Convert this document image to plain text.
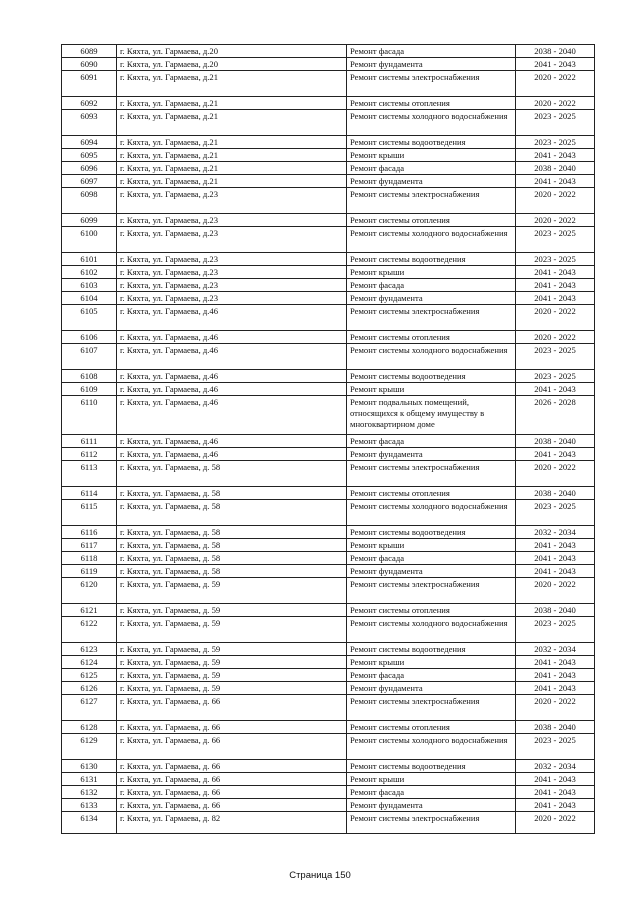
6089	г. Кяхта, ул. Гармаева, д.20	Ремонт фасада	2038 - 2040
6090	г. Кяхта, ул. Гармаева, д.20	Ремонт фундамента	2041 - 2043
6091	г. Кяхта, ул. Гармаева, д.21	Ремонт системы электроснабжения	2020 - 2022
6092	г. Кяхта, ул. Гармаева, д.21	Ремонт системы отопления	2020 - 2022
6093	г. Кяхта, ул. Гармаева, д.21	Ремонт системы холодного водоснабжения	2023 - 2025
6094	г. Кяхта, ул. Гармаева, д.21	Ремонт системы водоотведения	2023 - 2025
6095	г. Кяхта, ул. Гармаева, д.21	Ремонт крыши	2041 - 2043
6096	г. Кяхта, ул. Гармаева, д.21	Ремонт фасада	2038 - 2040
6097	г. Кяхта, ул. Гармаева, д.21	Ремонт фундамента	2041 - 2043
6098	г. Кяхта, ул. Гармаева, д.23	Ремонт системы электроснабжения	2020 - 2022
6099	г. Кяхта, ул. Гармаева, д.23	Ремонт системы отопления	2020 - 2022
6100	г. Кяхта, ул. Гармаева, д.23	Ремонт системы холодного водоснабжения	2023 - 2025
6101	г. Кяхта, ул. Гармаева, д.23	Ремонт системы водоотведения	2023 - 2025
6102	г. Кяхта, ул. Гармаева, д.23	Ремонт крыши	2041 - 2043
6103	г. Кяхта, ул. Гармаева, д.23	Ремонт фасада	2041 - 2043
6104	г. Кяхта, ул. Гармаева, д.23	Ремонт фундамента	2041 - 2043
6105	г. Кяхта, ул. Гармаева, д.46	Ремонт системы электроснабжения	2020 - 2022
6106	г. Кяхта, ул. Гармаева, д.46	Ремонт системы отопления	2020 - 2022
6107	г. Кяхта, ул. Гармаева, д.46	Ремонт системы холодного водоснабжения	2023 - 2025
6108	г. Кяхта, ул. Гармаева, д.46	Ремонт системы водоотведения	2023 - 2025
6109	г. Кяхта, ул. Гармаева, д.46	Ремонт крыши	2041 - 2043
6110	г. Кяхта, ул. Гармаева, д.46	Ремонт подвальных помещений, относящихся к общему имуществу в многоквартирном доме	2026 - 2028
6111	г. Кяхта, ул. Гармаева, д.46	Ремонт фасада	2038 - 2040
6112	г. Кяхта, ул. Гармаева, д.46	Ремонт фундамента	2041 - 2043
6113	г. Кяхта, ул. Гармаева, д. 58	Ремонт системы электроснабжения	2020 - 2022
6114	г. Кяхта, ул. Гармаева, д. 58	Ремонт системы отопления	2038 - 2040
6115	г. Кяхта, ул. Гармаева, д. 58	Ремонт системы холодного водоснабжения	2023 - 2025
6116	г. Кяхта, ул. Гармаева, д. 58	Ремонт системы водоотведения	2032 - 2034
6117	г. Кяхта, ул. Гармаева, д. 58	Ремонт крыши	2041 - 2043
6118	г. Кяхта, ул. Гармаева, д. 58	Ремонт фасада	2041 - 2043
6119	г. Кяхта, ул. Гармаева, д. 58	Ремонт фундамента	2041 - 2043
6120	г. Кяхта, ул. Гармаева, д. 59	Ремонт системы электроснабжения	2020 - 2022
6121	г. Кяхта, ул. Гармаева, д. 59	Ремонт системы отопления	2038 - 2040
6122	г. Кяхта, ул. Гармаева, д. 59	Ремонт системы холодного водоснабжения	2023 - 2025
6123	г. Кяхта, ул. Гармаева, д. 59	Ремонт системы водоотведения	2032 - 2034
6124	г. Кяхта, ул. Гармаева, д. 59	Ремонт крыши	2041 - 2043
6125	г. Кяхта, ул. Гармаева, д. 59	Ремонт фасада	2041 - 2043
6126	г. Кяхта, ул. Гармаева, д. 59	Ремонт фундамента	2041 - 2043
6127	г. Кяхта, ул. Гармаева, д. 66	Ремонт системы электроснабжения	2020 - 2022
6128	г. Кяхта, ул. Гармаева, д. 66	Ремонт системы отопления	2038 - 2040
6129	г. Кяхта, ул. Гармаева, д. 66	Ремонт системы холодного водоснабжения	2023 - 2025
6130	г. Кяхта, ул. Гармаева, д. 66	Ремонт системы водоотведения	2032 - 2034
6131	г. Кяхта, ул. Гармаева, д. 66	Ремонт крыши	2041 - 2043
6132	г. Кяхта, ул. Гармаева, д. 66	Ремонт фасада	2041 - 2043
6133	г. Кяхта, ул. Гармаева, д. 66	Ремонт фундамента	2041 - 2043
6134	г. Кяхта, ул. Гармаева, д. 82	Ремонт системы электроснабжения	2020 - 2022
Страница 150
